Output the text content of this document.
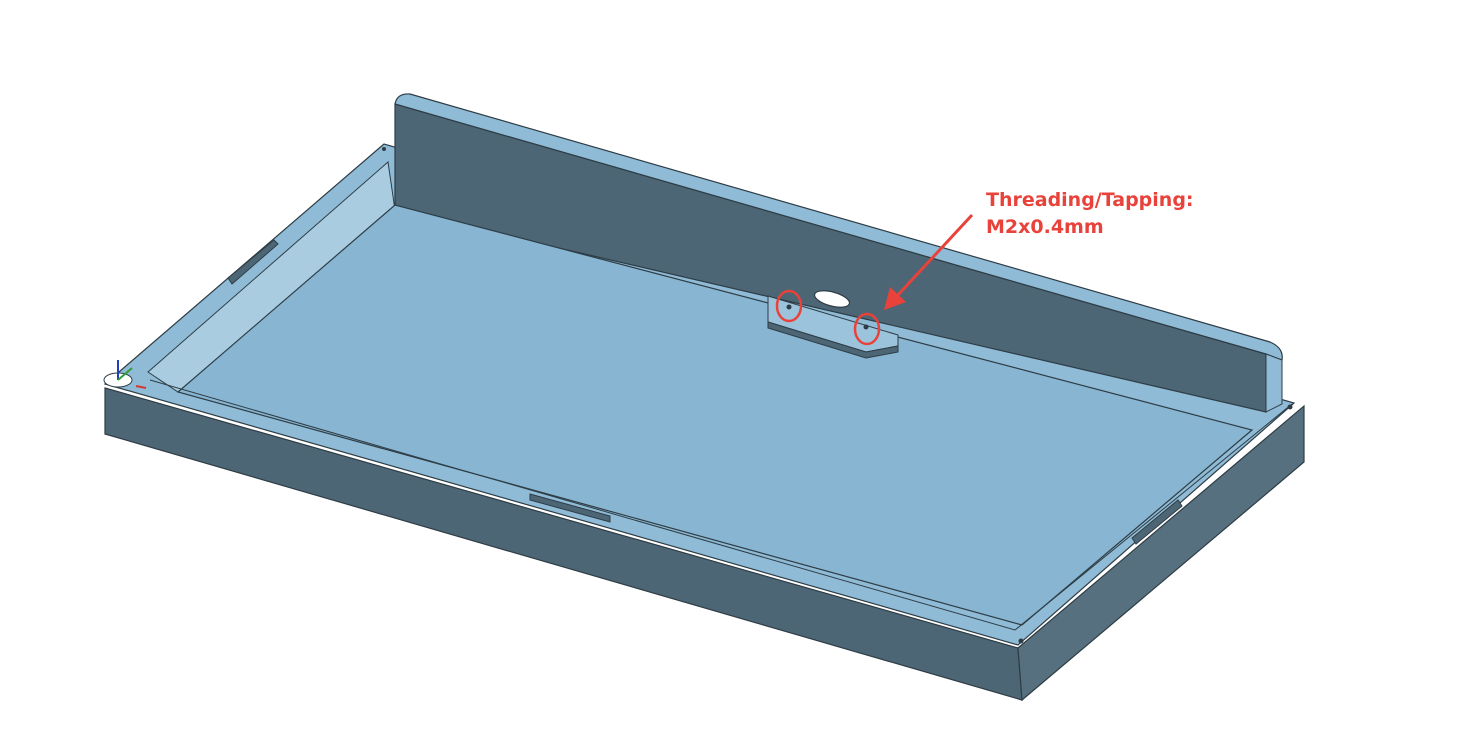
Threading/Tapping:
M2x0.4mm
